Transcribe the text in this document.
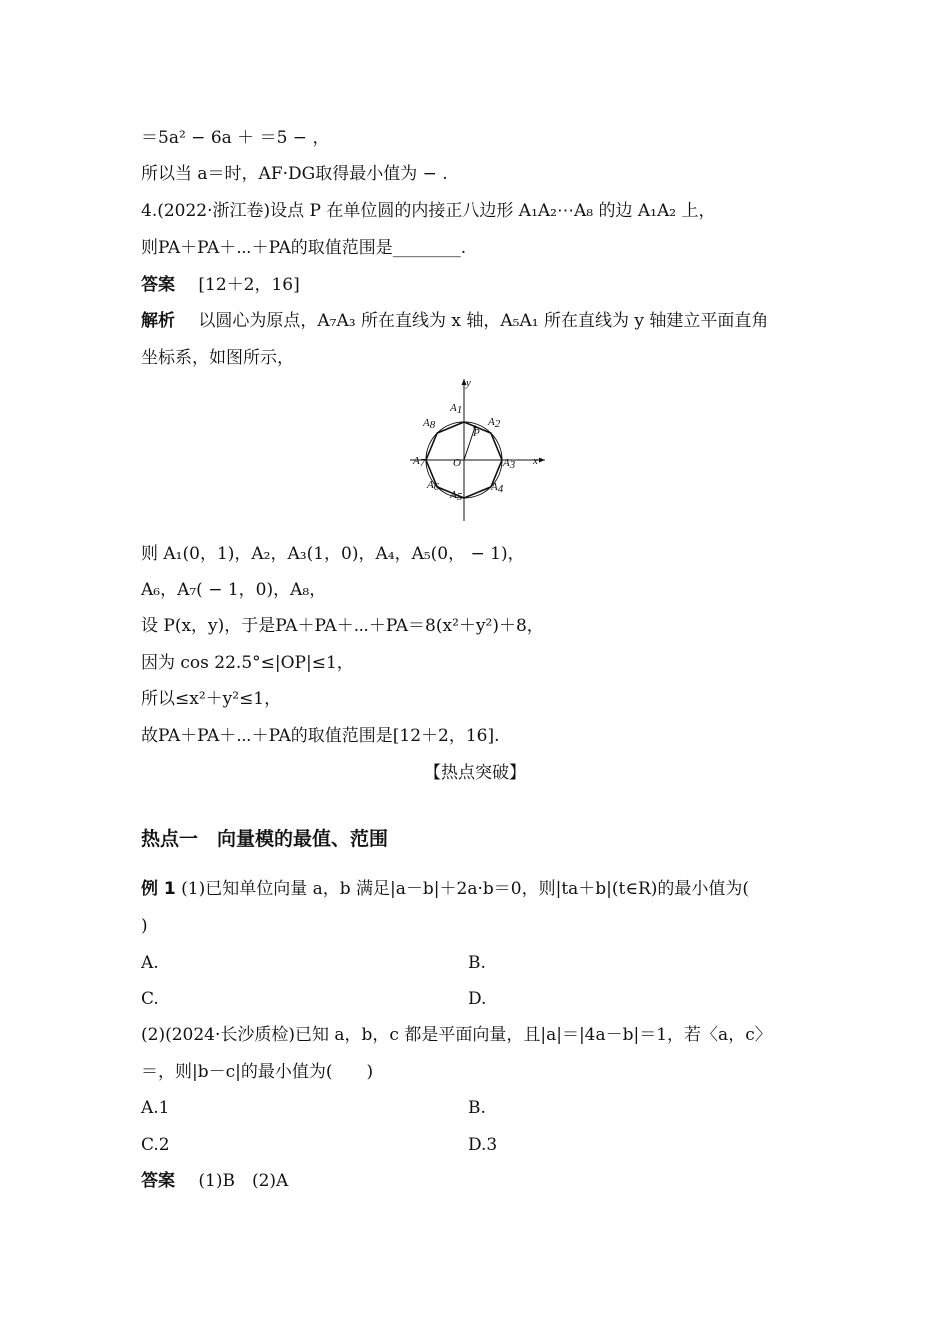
＝5a² − 6a ＋ ＝5 − ，
所以当 a＝时，AF·DG取得最小值为 − .
4.(2022·浙江卷)设点 P 在单位圆的内接正八边形 A₁A₂⋯A₈ 的边 A₁A₂ 上，
则PA＋PA＋⋯＋PA的取值范围是________.
答案 [12＋2，16]
解析 以圆心为原点，A₇A₃ 所在直线为 x 轴，A₅A₁ 所在直线为 y 轴建立平面直角
坐标系，如图所示，
y
x
O
P
A1
A2
A3
A4
A5
A6
A7
A8
则 A₁(0，1)，A₂，A₃(1，0)，A₄，A₅(0， − 1)，
A₆，A₇( − 1，0)，A₈，
设 P(x，y)，于是PA＋PA＋⋯＋PA＝8(x²＋y²)＋8，
因为 cos 22.5°≤|OP|≤1，
所以≤x²＋y²≤1，
故PA＋PA＋⋯＋PA的取值范围是[12＋2，16].
【热点突破】
热点一　向量模的最值、范围
例 1 (1)已知单位向量 a，b 满足|a－b|＋2a·b＝0，则|ta＋b|(t∈R)的最小值为(
)
A.	B.
C.	D.
(2)(2024·长沙质检)已知 a，b，c 都是平面向量，且|a|＝|4a－b|＝1，若〈a，c〉
＝，则|b－c|的最小值为(　　)
A.1	B.
C.2	D.3
答案 (1)B　(2)A
